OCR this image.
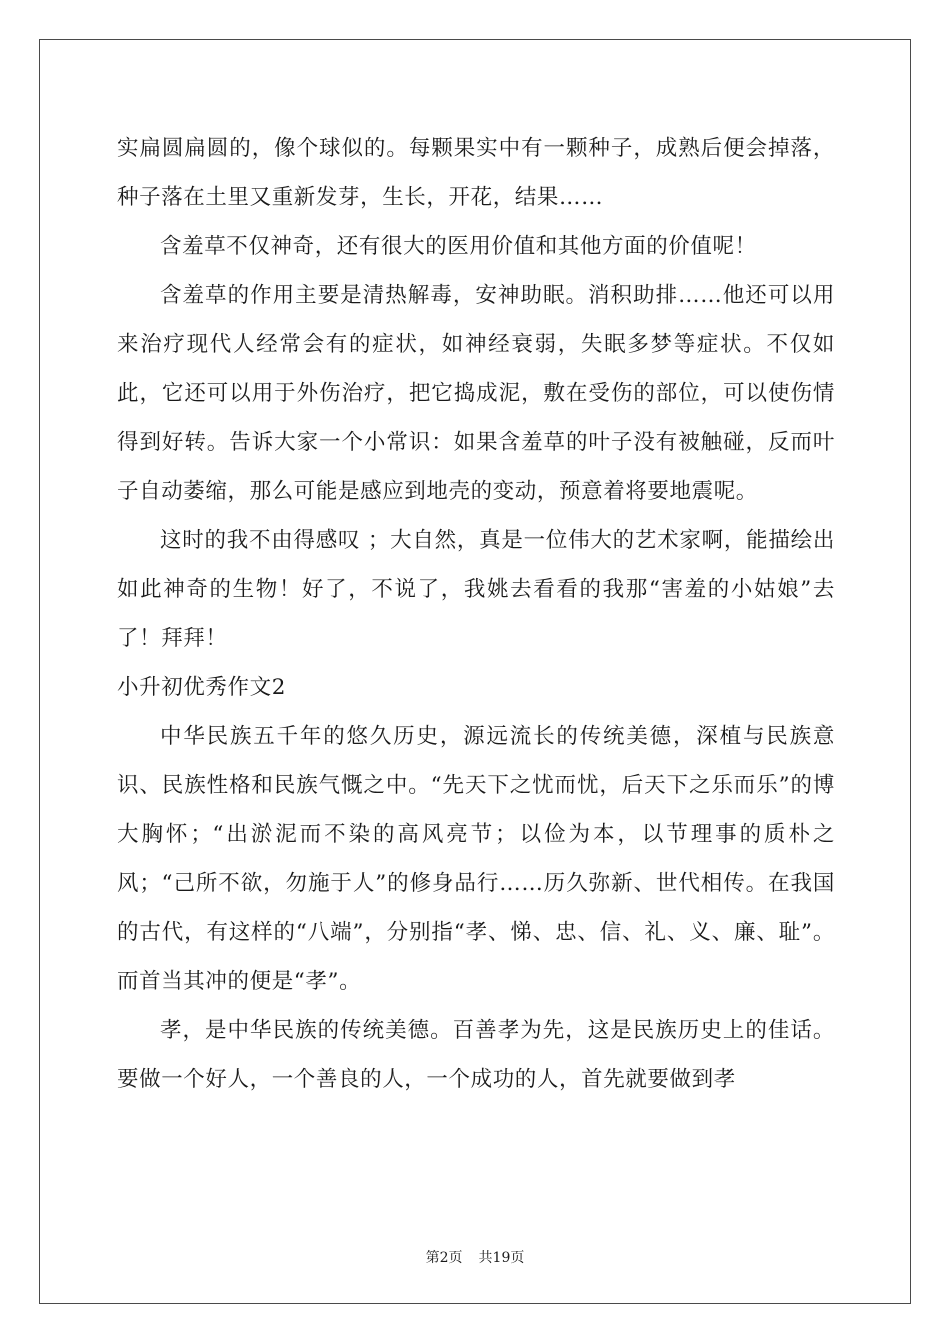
实扁圆扁圆的，像个球似的。每颗果实中有一颗种子，成熟后便会掉落，种子落在土里又重新发芽，生长，开花，结果……

含羞草不仅神奇，还有很大的医用价值和其他方面的价值呢！

含羞草的作用主要是清热解毒，安神助眠。消积助排……他还可以用来治疗现代人经常会有的症状，如神经衰弱，失眠多梦等症状。不仅如此，它还可以用于外伤治疗，把它捣成泥，敷在受伤的部位，可以使伤情得到好转。告诉大家一个小常识：如果含羞草的叶子没有被触碰，反而叶子自动萎缩，那么可能是感应到地壳的变动，预意着将要地震呢。

这时的我不由得感叹 ；大自然，真是一位伟大的艺术家啊，能描绘出如此神奇的生物！好了，不说了，我姚去看看的我那“害羞的小姑娘”去了！拜拜！

小升初优秀作文2

中华民族五千年的悠久历史，源远流长的传统美德，深植与民族意识、民族性格和民族气慨之中。“先天下之忧而忧，后天下之乐而乐”的博大胸怀；“出淤泥而不染的高风亮节；以俭为本，以节理事的质朴之风；“己所不欲，勿施于人”的修身品行……历久弥新、世代相传。在我国的古代，有这样的“八端”，分别指“孝、悌、忠、信、礼、义、廉、耻”。而首当其冲的便是“孝”。

孝，是中华民族的传统美德。百善孝为先，这是民族历史上的佳话。要做一个好人，一个善良的人，一个成功的人，首先就要做到孝

第2页 共19页
